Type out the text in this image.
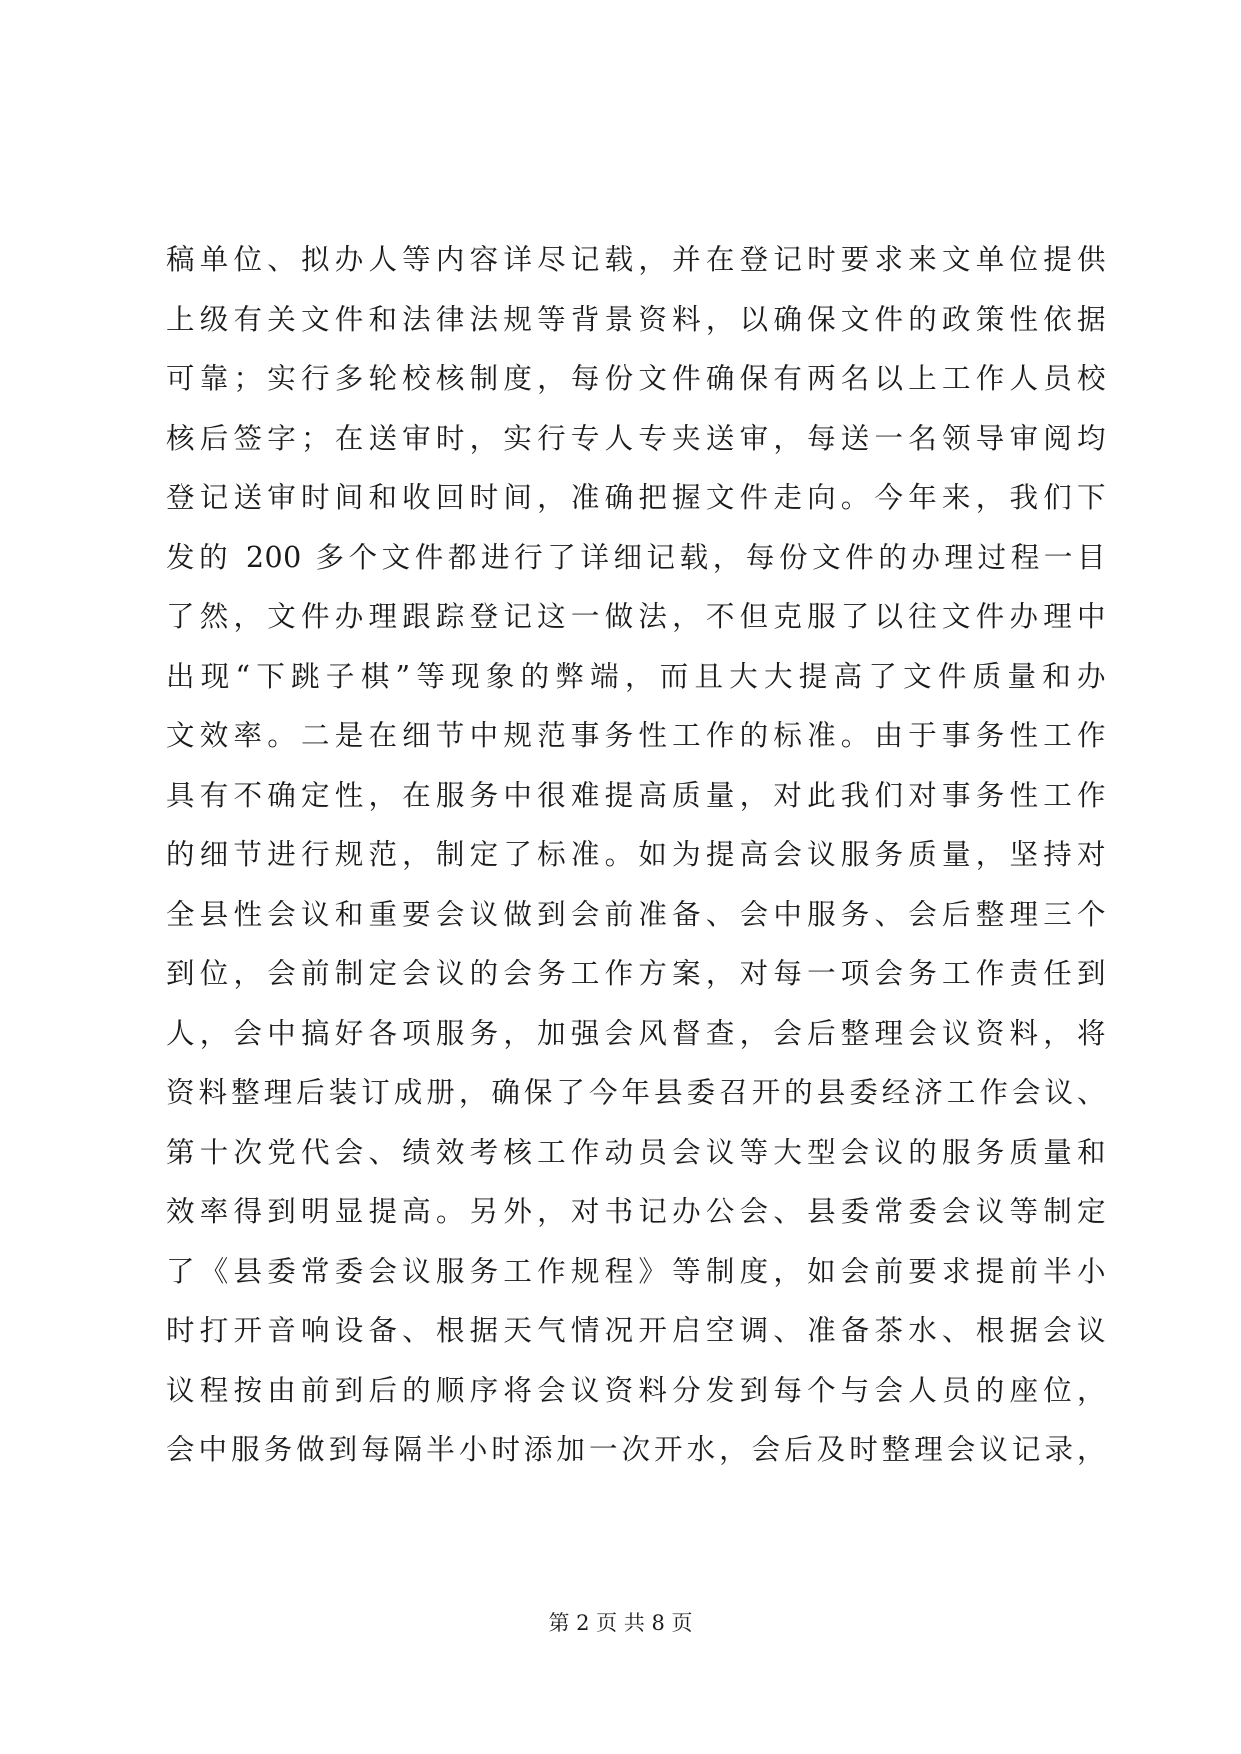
稿单位、拟办人等内容详尽记载，并在登记时要求来文单位提供
上级有关文件和法律法规等背景资料，以确保文件的政策性依据
可靠；实行多轮校核制度，每份文件确保有两名以上工作人员校
核后签字；在送审时，实行专人专夹送审，每送一名领导审阅均
登记送审时间和收回时间，准确把握文件走向。今年来，我们下
发的 200 多个文件都进行了详细记载，每份文件的办理过程一目
了然，文件办理跟踪登记这一做法，不但克服了以往文件办理中
出现“下跳子棋”等现象的弊端，而且大大提高了文件质量和办
文效率。二是在细节中规范事务性工作的标准。由于事务性工作
具有不确定性，在服务中很难提高质量，对此我们对事务性工作
的细节进行规范，制定了标准。如为提高会议服务质量，坚持对
全县性会议和重要会议做到会前准备、会中服务、会后整理三个
到位，会前制定会议的会务工作方案，对每一项会务工作责任到
人，会中搞好各项服务，加强会风督查，会后整理会议资料，将
资料整理后装订成册，确保了今年县委召开的县委经济工作会议、
第十次党代会、绩效考核工作动员会议等大型会议的服务质量和
效率得到明显提高。另外，对书记办公会、县委常委会议等制定
了《县委常委会议服务工作规程》等制度，如会前要求提前半小
时打开音响设备、根据天气情况开启空调、准备茶水、根据会议
议程按由前到后的顺序将会议资料分发到每个与会人员的座位，
会中服务做到每隔半小时添加一次开水，会后及时整理会议记录，
第 2 页 共 8 页
